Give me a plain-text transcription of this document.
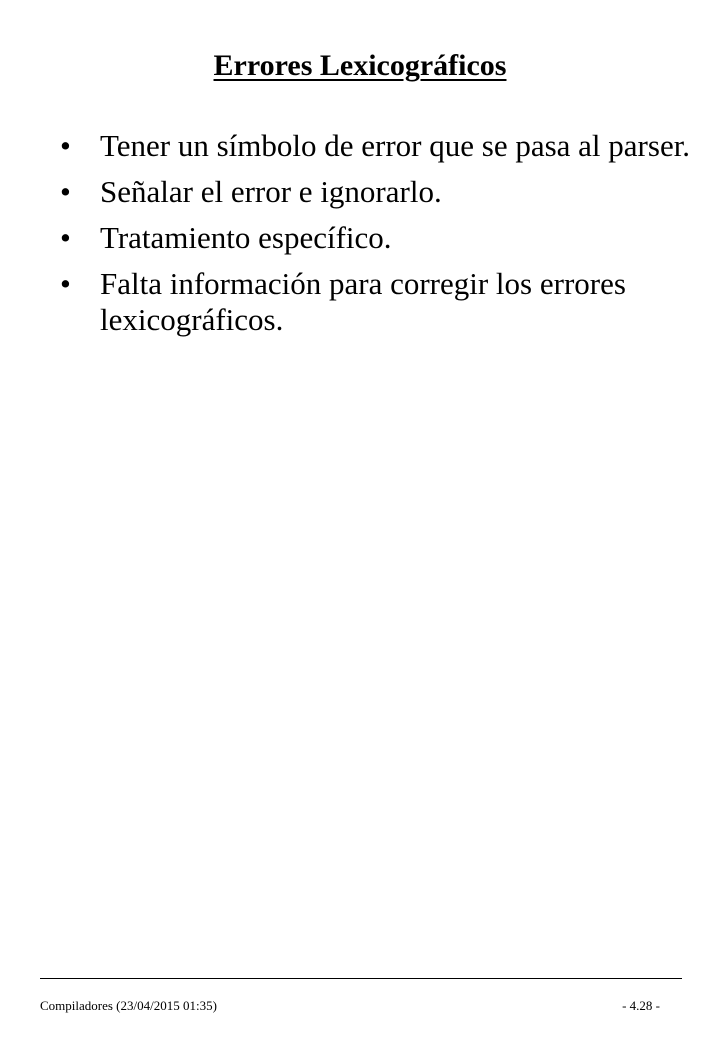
Errores Lexicográficos
• Tener un símbolo de error que se pasa al parser.
• Señalar el error e ignorarlo.
• Tratamiento específico.
• Falta información para corregir los errores lexicográficos.
Compiladores (23/04/2015 01:35)	- 4.28 -
